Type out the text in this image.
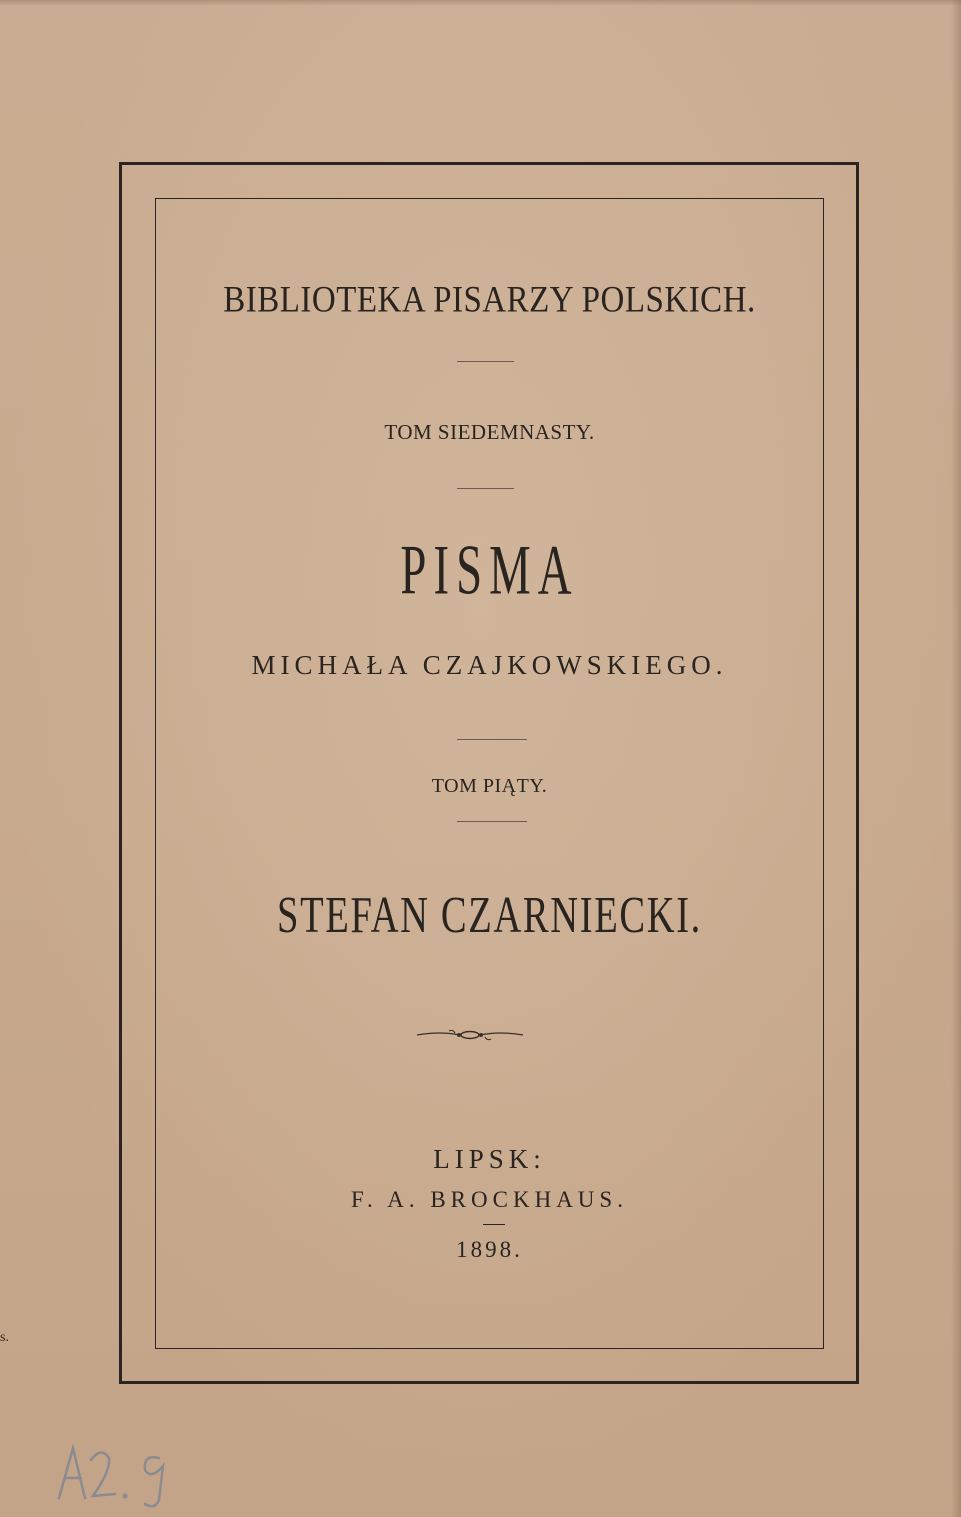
BIBLIOTEKA PISARZY POLSKICH.
TOM SIEDEMNASTY.
PISMA
MICHAŁA CZAJKOWSKIEGO.
TOM PIĄTY.
STEFAN CZARNIECKI.
LIPSK:
F. A. BROCKHAUS.
1898.
s.
